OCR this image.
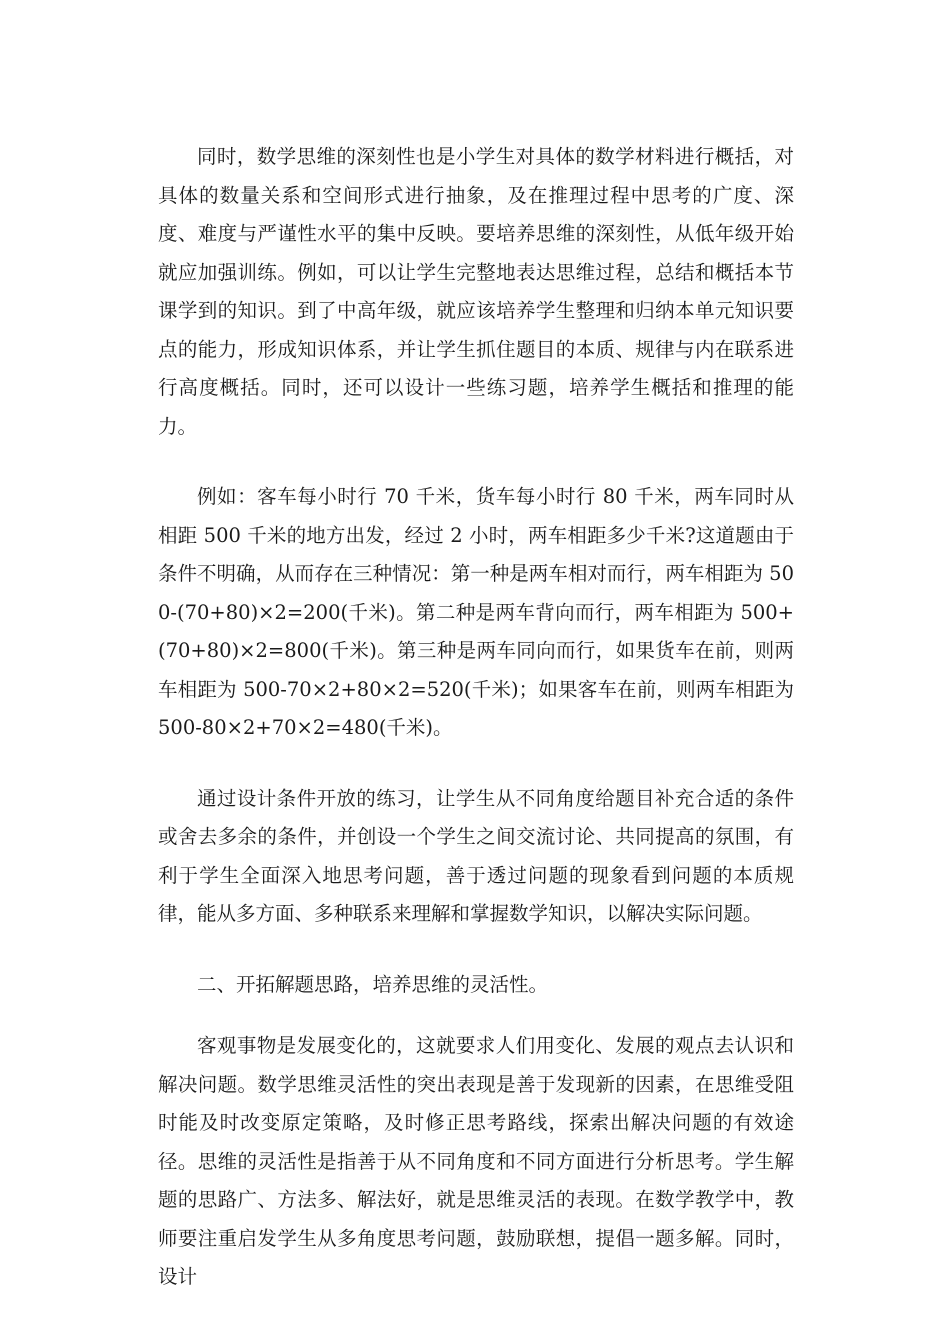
同时，数学思维的深刻性也是小学生对具体的数学材料进行概括，对具体的数量关系和空间形式进行抽象，及在推理过程中思考的广度、深度、难度与严谨性水平的集中反映。要培养思维的深刻性，从低年级开始就应加强训练。例如，可以让学生完整地表达思维过程，总结和概括本节课学到的知识。到了中高年级，就应该培养学生整理和归纳本单元知识要点的能力，形成知识体系，并让学生抓住题目的本质、规律与内在联系进行高度概括。同时，还可以设计一些练习题，培养学生概括和推理的能力。

例如：客车每小时行 70 千米，货车每小时行 80 千米，两车同时从相距 500 千米的地方出发，经过 2 小时，两车相距多少千米?这道题由于条件不明确，从而存在三种情况：第一种是两车相对而行，两车相距为 500-(70+80)×2=200(千米)。第二种是两车背向而行，两车相距为 500+(70+80)×2=800(千米)。第三种是两车同向而行，如果货车在前，则两车相距为 500-70×2+80×2=520(千米)；如果客车在前，则两车相距为 500-80×2+70×2=480(千米)。

通过设计条件开放的练习，让学生从不同角度给题目补充合适的条件或舍去多余的条件，并创设一个学生之间交流讨论、共同提高的氛围，有利于学生全面深入地思考问题，善于透过问题的现象看到问题的本质规律，能从多方面、多种联系来理解和掌握数学知识，以解决实际问题。

二、开拓解题思路，培养思维的灵活性。

客观事物是发展变化的，这就要求人们用变化、发展的观点去认识和解决问题。数学思维灵活性的突出表现是善于发现新的因素，在思维受阻时能及时改变原定策略，及时修正思考路线，探索出解决问题的有效途径。思维的灵活性是指善于从不同角度和不同方面进行分析思考。学生解题的思路广、方法多、解法好，就是思维灵活的表现。在数学教学中，教师要注重启发学生从多角度思考问题，鼓励联想，提倡一题多解。同时，设计
